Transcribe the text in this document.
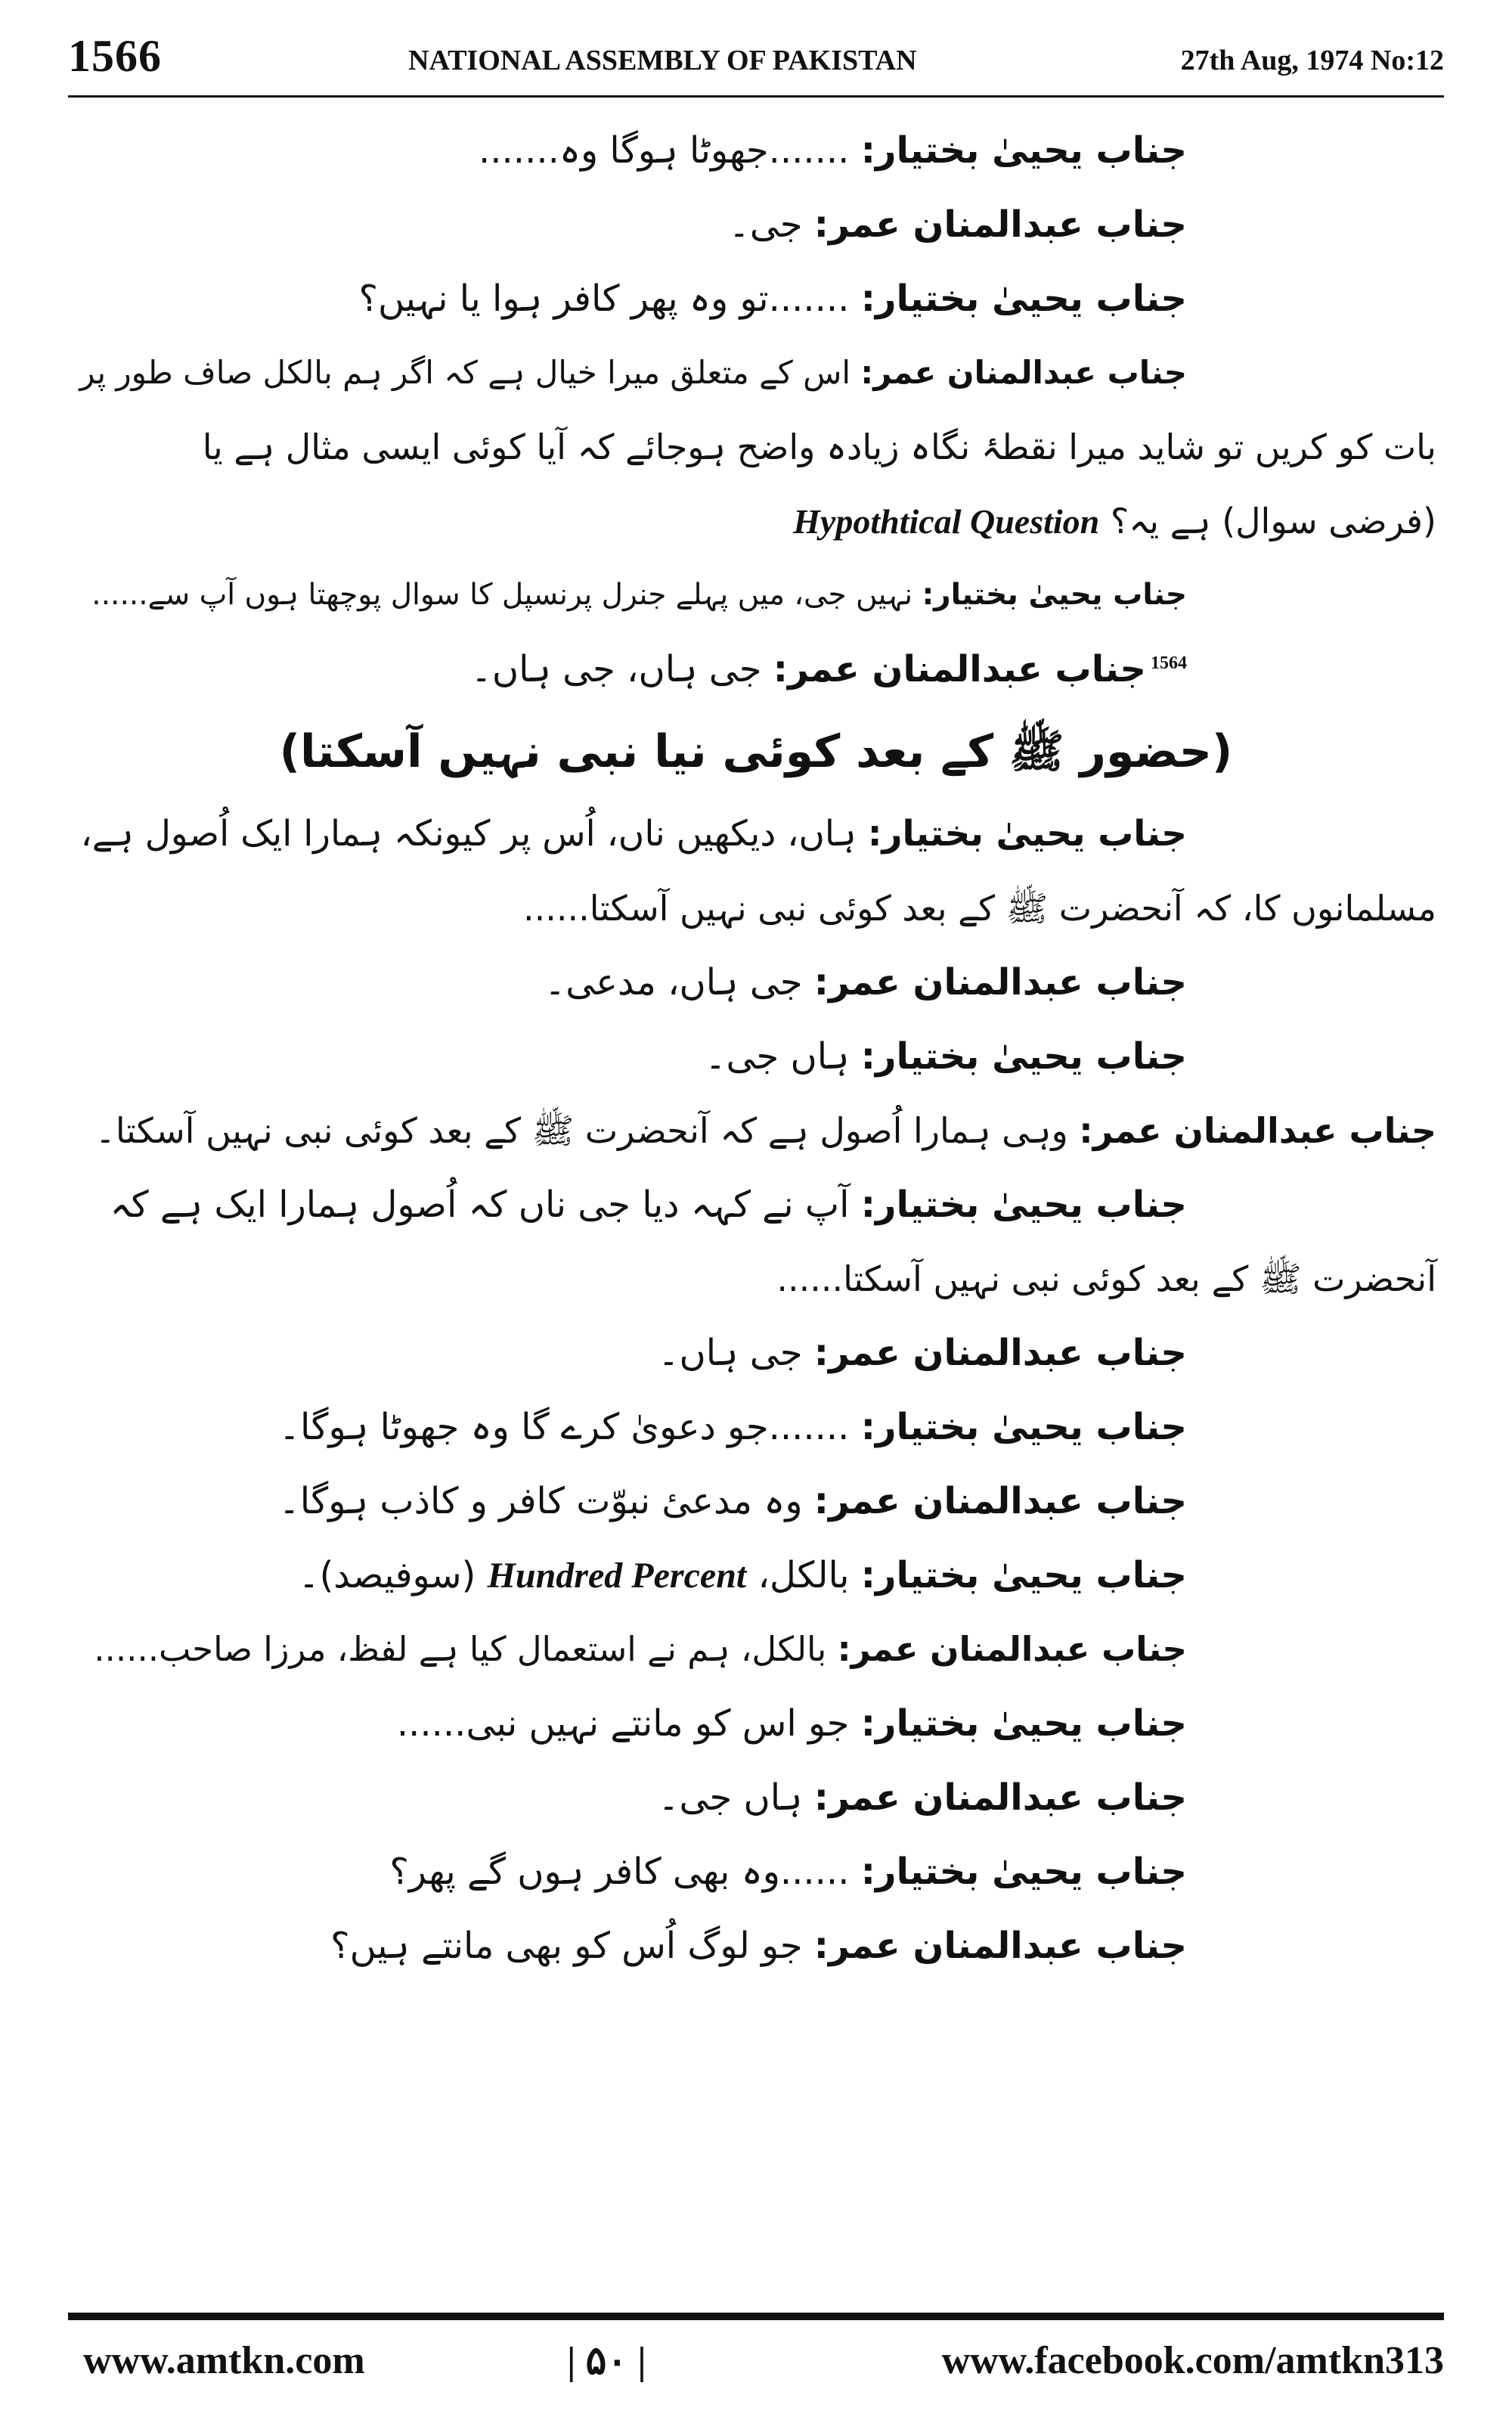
1566	NATIONAL ASSEMBLY OF PAKISTAN	27th Aug, 1974 No:12
جناب یحییٰ بختیار: .......جھوٹا ہوگا وہ.......
جناب عبدالمنان عمر: جی۔
جناب یحییٰ بختیار: .......تو وہ پھر کافر ہوا یا نہیں؟
جناب عبدالمنان عمر: اس کے متعلق میرا خیال ہے کہ اگر ہم بالکل صاف طور پر
بات کو کریں تو شاید میرا نقطۂ نگاہ زیادہ واضح ہوجائے کہ آیا کوئی ایسی مثال ہے یا
(فرضی سوال) ہے یہ؟ Hypothtical Question
جناب یحییٰ بختیار: نہیں جی، میں پہلے جنرل پرنسپل کا سوال پوچھتا ہوں آپ سے......
1564جناب عبدالمنان عمر: جی ہاں، جی ہاں۔
(حضور ﷺ کے بعد کوئی نیا نبی نہیں آسکتا)
جناب یحییٰ بختیار: ہاں، دیکھیں ناں، اُس پر کیونکہ ہمارا ایک اُصول ہے،
مسلمانوں کا، کہ آنحضرت ﷺ کے بعد کوئی نبی نہیں آسکتا......
جناب عبدالمنان عمر: جی ہاں، مدعی۔
جناب یحییٰ بختیار: ہاں جی۔
جناب عبدالمنان عمر: وہی ہمارا اُصول ہے کہ آنحضرت ﷺ کے بعد کوئی نبی نہیں آسکتا۔
جناب یحییٰ بختیار: آپ نے کہہ دیا جی ناں کہ اُصول ہمارا ایک ہے کہ
آنحضرت ﷺ کے بعد کوئی نبی نہیں آسکتا......
جناب عبدالمنان عمر: جی ہاں۔
جناب یحییٰ بختیار: .......جو دعویٰ کرے گا وہ جھوٹا ہوگا۔
جناب عبدالمنان عمر: وہ مدعیٔ نبوّت کافر و کاذب ہوگا۔
جناب یحییٰ بختیار: بالکل، Hundred Percent (سوفیصد)۔
جناب عبدالمنان عمر: بالکل، ہم نے استعمال کیا ہے لفظ، مرزا صاحب......
جناب یحییٰ بختیار: جو اس کو مانتے نہیں نبی......
جناب عبدالمنان عمر: ہاں جی۔
جناب یحییٰ بختیار: ......وہ بھی کافر ہوں گے پھر؟
جناب عبدالمنان عمر: جو لوگ اُس کو بھی مانتے ہیں؟
www.amtkn.com	| ۵۰ |	www.facebook.com/amtkn313
